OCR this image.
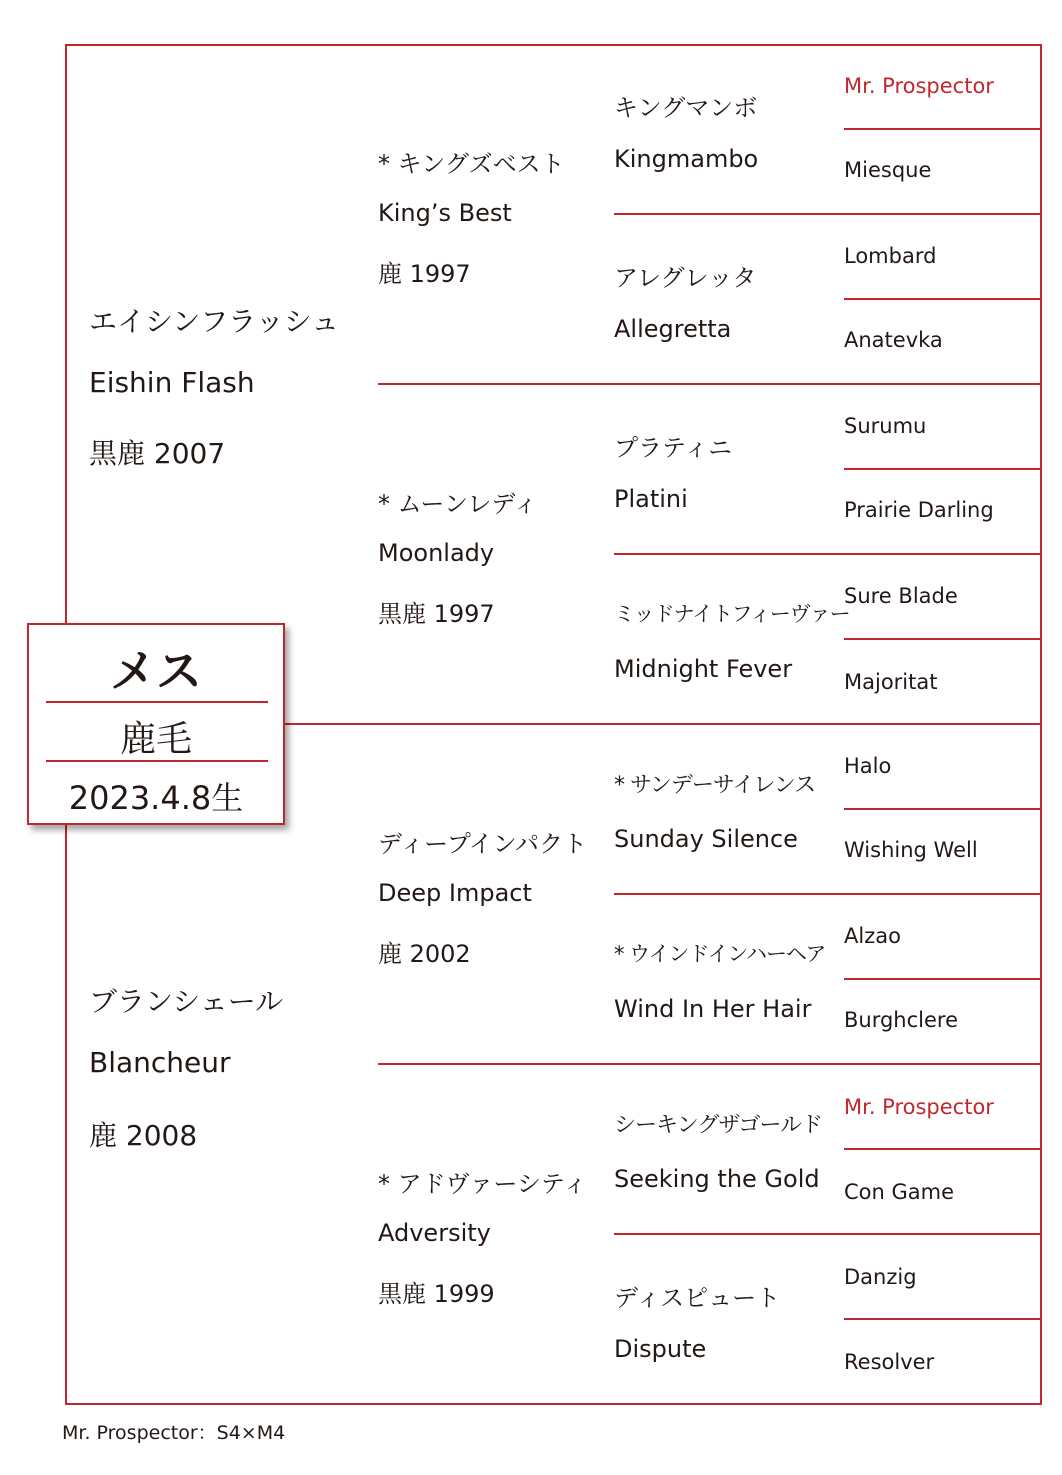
エイシンフラッシュ
Eishin Flash
黒鹿 2007
ブランシェール
Blancheur
鹿 2008
* キングズベスト
King’s Best
鹿 1997
* ムーンレディ
Moonlady
黒鹿 1997
ディープインパクト
Deep Impact
鹿 2002
* アドヴァーシティ
Adversity
黒鹿 1999
キングマンボ
Kingmambo
アレグレッタ
Allegretta
プラティニ
Platini
ミッドナイトフィーヴァー
Midnight Fever
* サンデーサイレンス
Sunday Silence
* ウインドインハーヘア
Wind In Her Hair
シーキングザゴールド
Seeking the Gold
ディスピュート
Dispute
Mr. Prospector
Miesque
Lombard
Anatevka
Surumu
Prairie Darling
Sure Blade
Majoritat
Halo
Wishing Well
Alzao
Burghclere
Mr. Prospector
Con Game
Danzig
Resolver
メス
鹿毛
2023.4.8生
Mr. Prospector：S4×M4
